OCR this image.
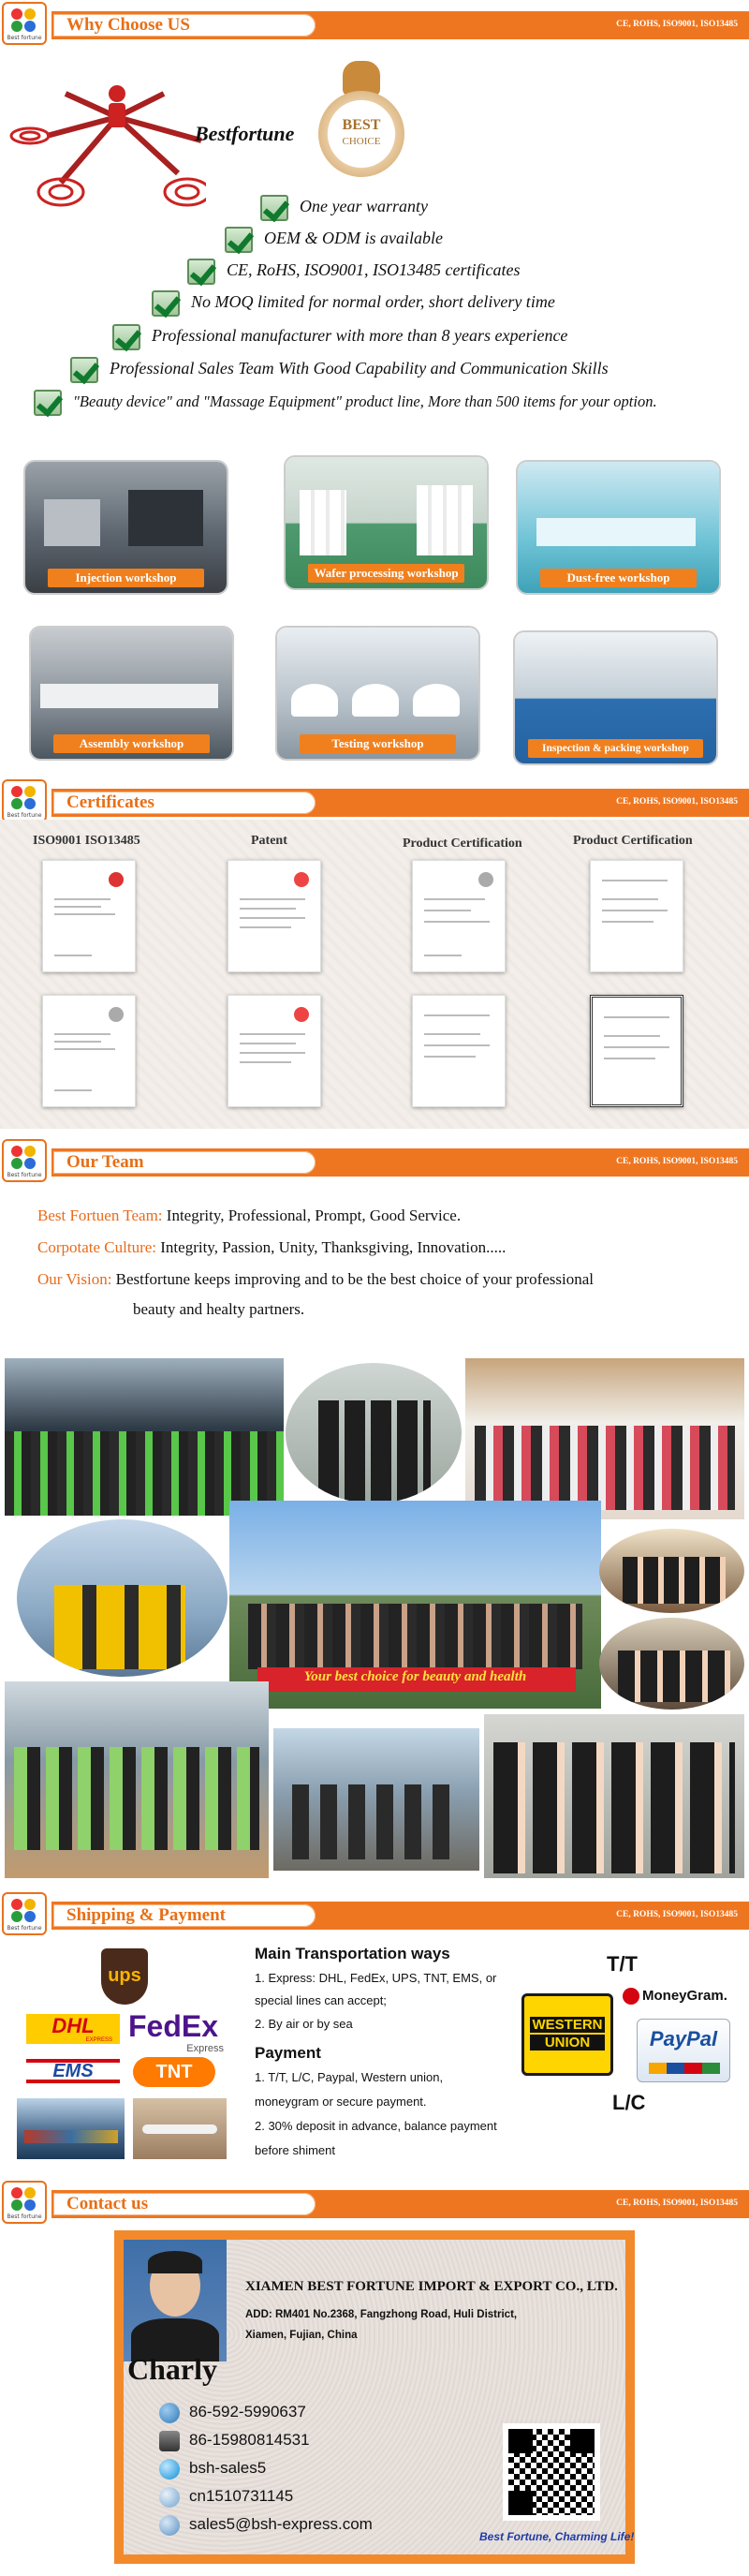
Best fortune
Why Choose US	CE, ROHS, ISO9001, ISO13485
Bestfortune	BEST
CHOICE
One year warranty
OEM & ODM is available
CE, RoHS, ISO9001, ISO13485 certificates
No MOQ limited for normal order, short delivery time
Professional manufacturer with more than 8 years experience
Professional Sales Team With Good Capability and Communication Skills
"Beauty device" and "Massage Equipment" product line, More than 500 items for your option.
Injection workshop	Wafer processing workshop	Dust-free workshop
Assembly workshop	Testing workshop	Inspection & packing workshop
Best fortune
Certificates	CE, ROHS, ISO9001, ISO13485
ISO9001 ISO13485	Patent	Product Certification	Product Certification
Best fortune
Our Team	CE, ROHS, ISO9001, ISO13485
Best Fortuen Team: Integrity, Professional, Prompt, Good Service.
Corpotate Culture: Integrity, Passion, Unity, Thanksgiving, Innovation.....
Our Vision: Bestfortune keeps improving and to be the best choice of your professional
beauty and healty partners.
Your best choice for beauty and health
Best fortune
Shipping & Payment	CE, ROHS, ISO9001, ISO13485
ups
DHL
EXPRESS FedEx
Express
EMS	TNT
Main Transportation ways
1. Express: DHL, FedEx, UPS, TNT, EMS, or
special lines can accept;
2. By air or by sea
Payment
1. T/T, L/C, Paypal, Western union,
moneygram or secure payment.
2. 30% deposit in advance, balance payment
before shiment
T/T
WESTERN
UNION
MoneyGram.
PayPal
L/C
Best fortune
Contact us	CE, ROHS, ISO9001, ISO13485
XIAMEN BEST FORTUNE IMPORT & EXPORT CO., LTD.
ADD: RM401 No.2368, Fangzhong Road, Huli District,
Xiamen, Fujian, China
Charly
86-592-5990637
86-15980814531
bsh-sales5
cn1510731145
sales5@bsh-express.com
Best Fortune, Charming Life!
